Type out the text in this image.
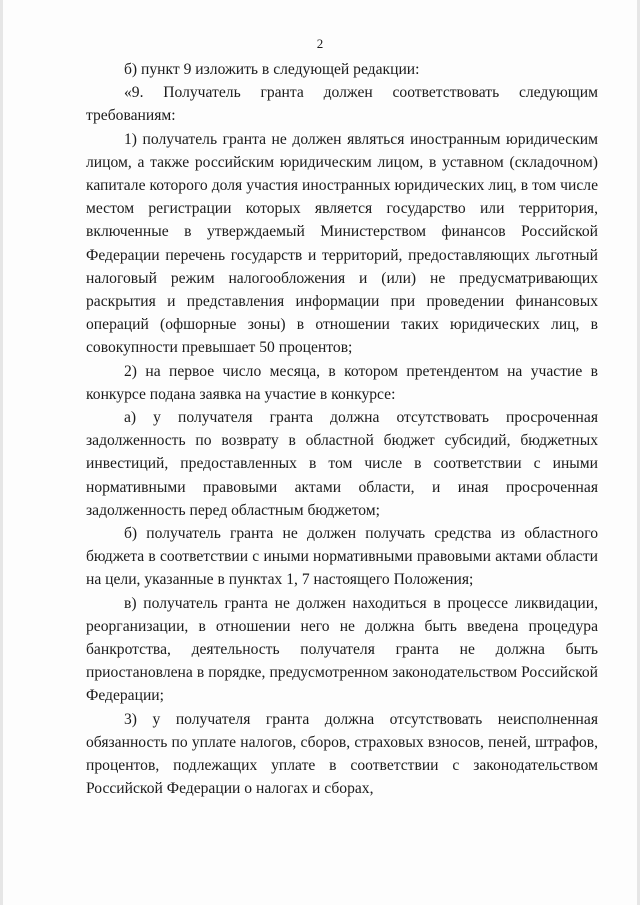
2

б) пункт 9 изложить в следующей редакции:

«9. Получатель гранта должен соответствовать следующим требованиям:

1) получатель гранта не должен являться иностранным юридическим лицом, а также российским юридическим лицом, в уставном (складочном) капитале которого доля участия иностранных юридических лиц, в том числе местом регистрации которых является государство или территория, включенные в утверждаемый Министерством финансов Российской Федерации перечень государств и территорий, предоставляющих льготный налоговый режим налогообложения и (или) не предусматривающих раскрытия и представления информации при проведении финансовых операций (офшорные зоны) в отношении таких юридических лиц, в совокупности превышает 50 процентов;

2) на первое число месяца, в котором претендентом на участие в конкурсе подана заявка на участие в конкурсе:

а) у получателя гранта должна отсутствовать просроченная задолженность по возврату в областной бюджет субсидий, бюджетных инвестиций, предоставленных в том числе в соответствии с иными нормативными правовыми актами области, и иная просроченная задолженность перед областным бюджетом;

б) получатель гранта не должен получать средства из областного бюджета в соответствии с иными нормативными правовыми актами области на цели, указанные в пунктах 1, 7 настоящего Положения;

в) получатель гранта не должен находиться в процессе ликвидации, реорганизации, в отношении него не должна быть введена процедура банкротства, деятельность получателя гранта не должна быть приостановлена в порядке, предусмотренном законодательством Российской Федерации;

3) у получателя гранта должна отсутствовать неисполненная обязанность по уплате налогов, сборов, страховых взносов, пеней, штрафов, процентов, подлежащих уплате в соответствии с законодательством Российской Федерации о налогах и сборах,
